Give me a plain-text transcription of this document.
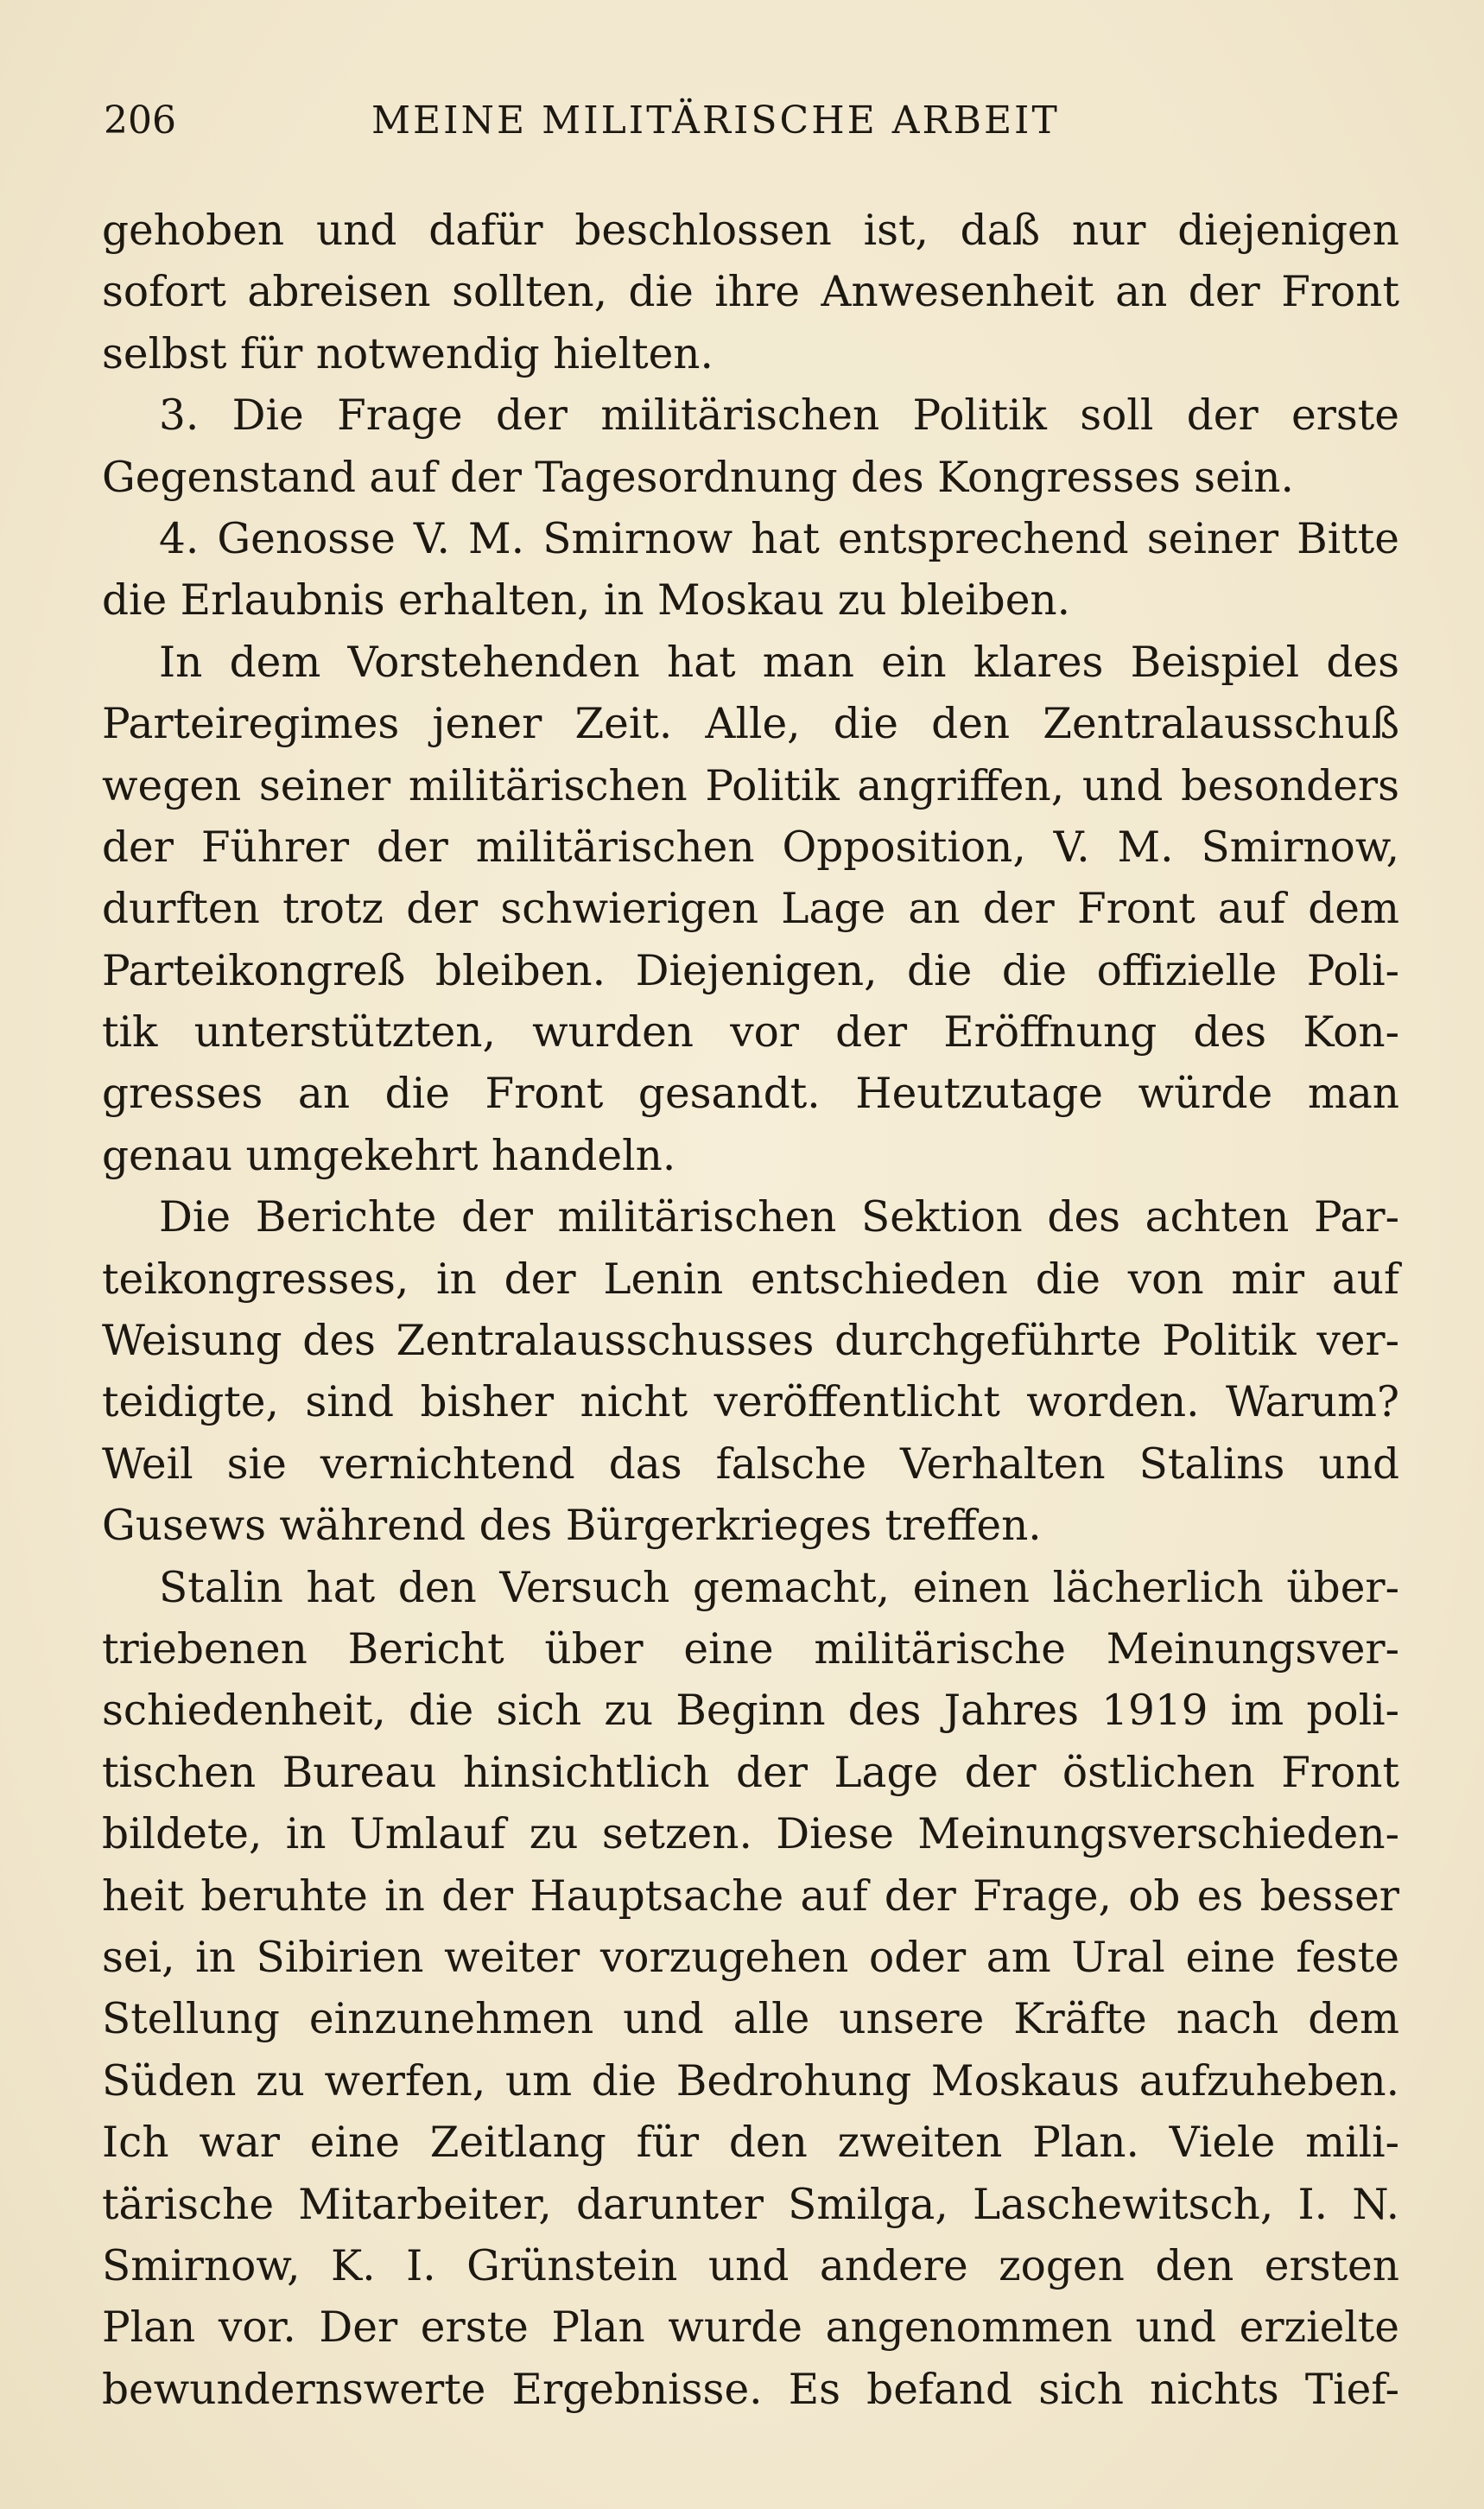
206	MEINE MILITÄRISCHE ARBEIT
gehoben und dafür beschlossen ist, daß nur diejenigen
sofort abreisen sollten, die ihre Anwesenheit an der Front
selbst für notwendig hielten.
3. Die Frage der militärischen Politik soll der erste
Gegenstand auf der Tagesordnung des Kongresses sein.
4. Genosse V. M. Smirnow hat entsprechend seiner Bitte
die Erlaubnis erhalten, in Moskau zu bleiben.
In dem Vorstehenden hat man ein klares Beispiel des
Parteiregimes jener Zeit. Alle, die den Zentralausschuß
wegen seiner militärischen Politik angriffen, und besonders
der Führer der militärischen Opposition, V. M. Smirnow,
durften trotz der schwierigen Lage an der Front auf dem
Parteikongreß bleiben. Diejenigen, die die offizielle Poli-
tik unterstützten, wurden vor der Eröffnung des Kon-
gresses an die Front gesandt. Heutzutage würde man
genau umgekehrt handeln.
Die Berichte der militärischen Sektion des achten Par-
teikongresses, in der Lenin entschieden die von mir auf
Weisung des Zentralausschusses durchgeführte Politik ver-
teidigte, sind bisher nicht veröffentlicht worden. Warum?
Weil sie vernichtend das falsche Verhalten Stalins und
Gusews während des Bürgerkrieges treffen.
Stalin hat den Versuch gemacht, einen lächerlich über-
triebenen Bericht über eine militärische Meinungsver-
schiedenheit, die sich zu Beginn des Jahres 1919 im poli-
tischen Bureau hinsichtlich der Lage der östlichen Front
bildete, in Umlauf zu setzen. Diese Meinungsverschieden-
heit beruhte in der Hauptsache auf der Frage, ob es besser
sei, in Sibirien weiter vorzugehen oder am Ural eine feste
Stellung einzunehmen und alle unsere Kräfte nach dem
Süden zu werfen, um die Bedrohung Moskaus aufzuheben.
Ich war eine Zeitlang für den zweiten Plan. Viele mili-
tärische Mitarbeiter, darunter Smilga, Laschewitsch, I. N.
Smirnow, K. I. Grünstein und andere zogen den ersten
Plan vor. Der erste Plan wurde angenommen und erzielte
bewundernswerte Ergebnisse. Es befand sich nichts Tief-
